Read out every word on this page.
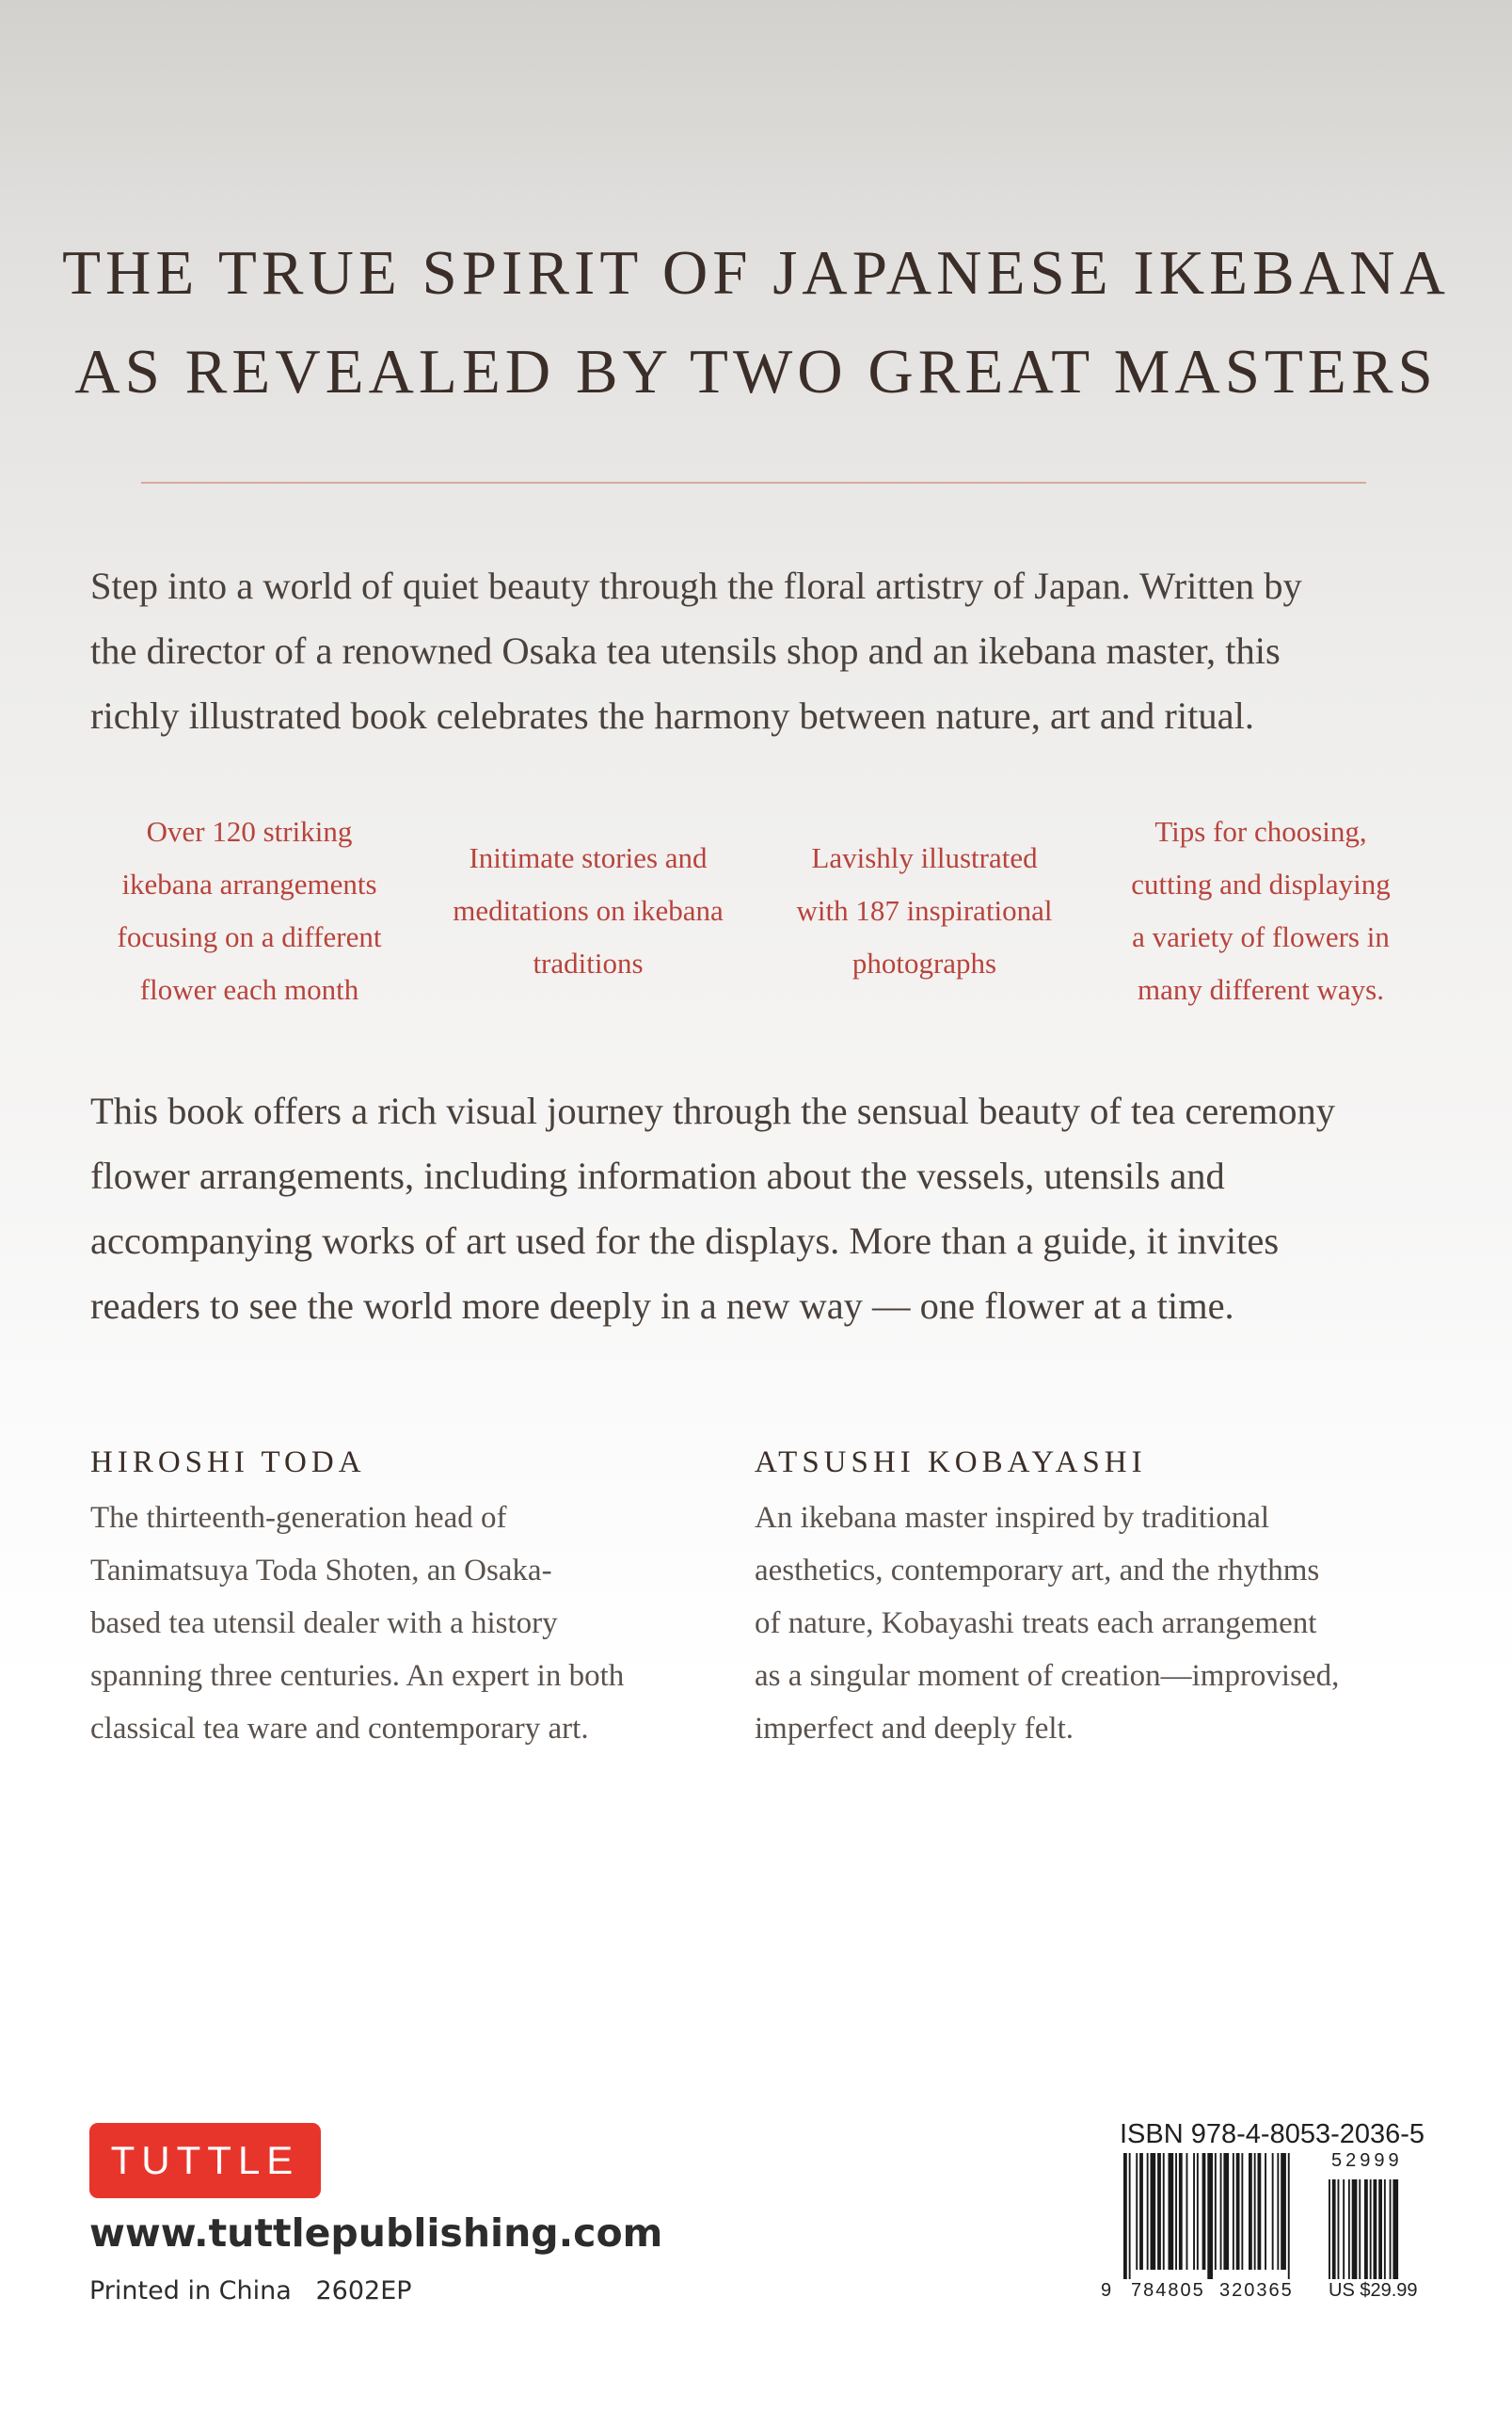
THE TRUE SPIRIT OF JAPANESE IKEBANA
AS REVEALED BY TWO GREAT MASTERS
Step into a world of quiet beauty through the floral artistry of Japan. Written by
the director of a renowned Osaka tea utensils shop and an ikebana master, this
richly illustrated book celebrates the harmony between nature, art and ritual.
Over 120 striking
ikebana arrangements
focusing on a different
flower each month
Initimate stories and
meditations on ikebana
traditions
Lavishly illustrated
with 187 inspirational
photographs
Tips for choosing,
cutting and displaying
a variety of flowers in
many different ways.
This book offers a rich visual journey through the sensual beauty of tea ceremony
flower arrangements, including information about the vessels, utensils and
accompanying works of art used for the displays. More than a guide, it invites
readers to see the world more deeply in a new way — one flower at a time.
HIROSHI TODA
The thirteenth-generation head of
Tanimatsuya Toda Shoten, an Osaka-
based tea utensil dealer with a history
spanning three centuries. An expert in both
classical tea ware and contemporary art.
ATSUSHI KOBAYASHI
An ikebana master inspired by traditional
aesthetics, contemporary art, and the rhythms
of nature, Kobayashi treats each arrangement
as a singular moment of creation—improvised,
imperfect and deeply felt.
TUTTLE
www.tuttlepublishing.com
Printed in China   2602EP
ISBN 978-4-8053-2036-5
52999
9 784805 320365 US $29.99
